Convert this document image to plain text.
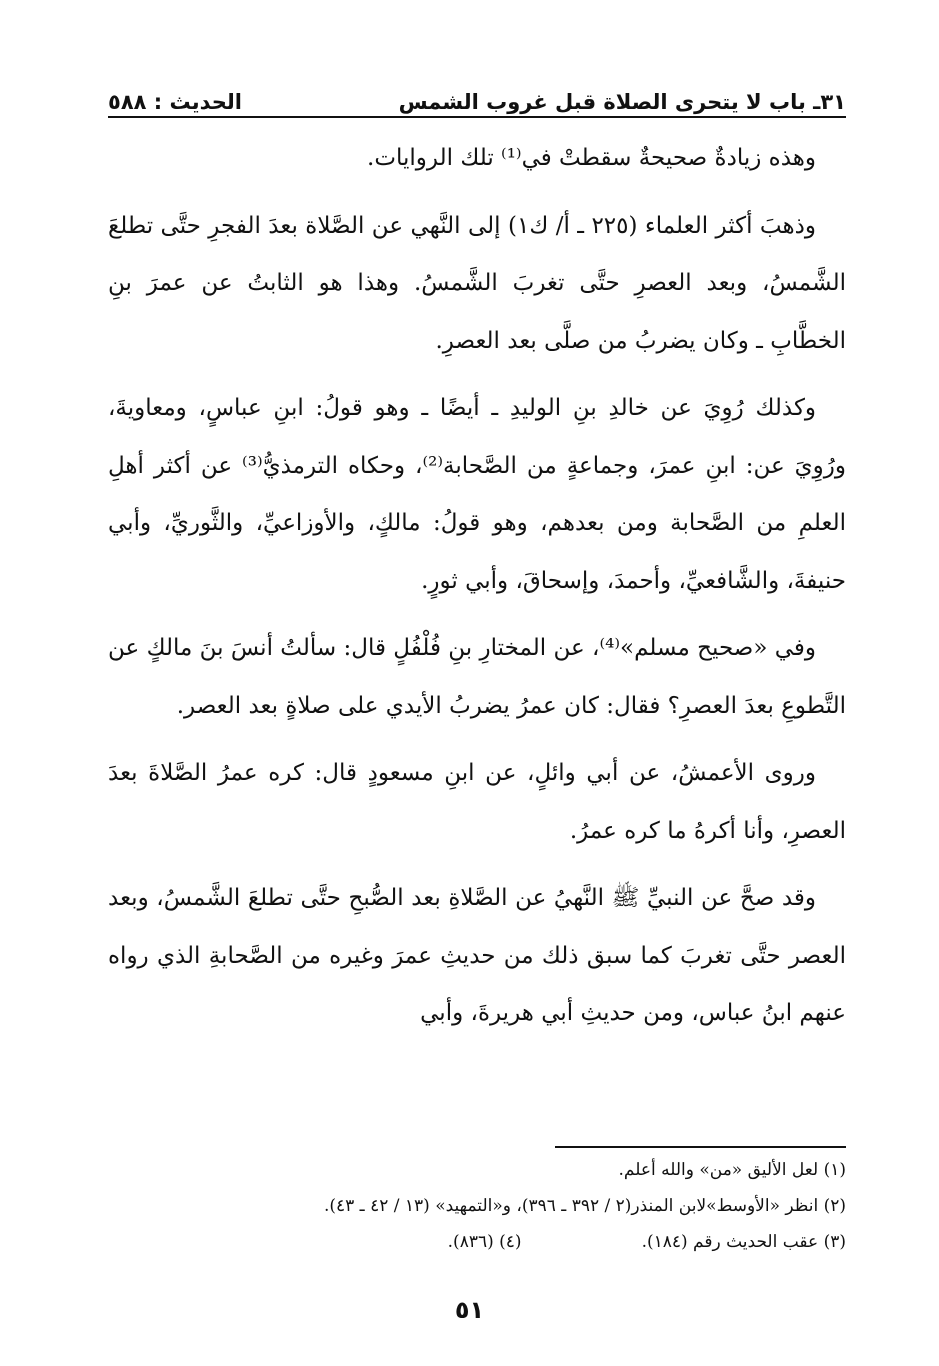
٣١ـ باب لا يتحرى الصلاة قبل غروب الشمس
الحديث : ٥٨٨

وهذه زيادةٌ صحيحةٌ سقطتْ في⁽¹⁾ تلك الروايات.

وذهبَ أكثر العلماء (٢٢٥ ـ أ/ ك١) إلى النَّهي عن الصَّلاة بعدَ الفجرِ حتَّى تطلعَ الشَّمسُ، وبعد العصرِ حتَّى تغربَ الشَّمسُ. وهذا هو الثابتُ عن عمرَ بنِ الخطَّابِ ـ وكان يضربُ من صلَّى بعد العصرِ.

وكذلك رُوِيَ عن خالدِ بنِ الوليدِ ـ أيضًا ـ وهو قولُ: ابنِ عباسٍ، ومعاويةَ، ورُوِيَ عن: ابنِ عمرَ، وجماعةٍ من الصَّحابة⁽²⁾، وحكاه الترمذيُّ⁽³⁾ عن أكثر أهلِ العلمِ من الصَّحابة ومن بعدهم، وهو قولُ: مالكٍ، والأوزاعيِّ، والثَّوريِّ، وأبي حنيفةَ، والشَّافعيِّ، وأحمدَ، وإسحاقَ، وأبي ثورٍ.

وفي «صحيح مسلم»⁽⁴⁾، عن المختارِ بنِ فُلْفُلٍ قال: سألتُ أنسَ بنَ مالكٍ عن التَّطوعِ بعدَ العصرِ؟ فقال: كان عمرُ يضربُ الأيدي على صلاةٍ بعد العصر.

وروى الأعمشُ، عن أبي وائلٍ، عن ابنِ مسعودٍ قال: كره عمرُ الصَّلاةَ بعدَ العصرِ، وأنا أكرهُ ما كره عمرُ.

وقد صحَّ عن النبيِّ ﷺ النَّهيُ عن الصَّلاةِ بعد الصُّبحِ حتَّى تطلعَ الشَّمسُ، وبعد العصر حتَّى تغربَ كما سبق ذلك من حديثِ عمرَ وغيره من الصَّحابةِ الذي رواه عنهم ابنُ عباس، ومن حديثِ أبي هريرةَ، وأبي

(١) لعل الأليق «من» والله أعلم.
(٢) انظر «الأوسط»لابن المنذر(٢ / ٣٩٢ ـ ٣٩٦)، و«التمهيد» (١٣ / ٤٢ ـ ٤٣).
(٣) عقب الحديث رقم (١٨٤).
(٤) (٨٣٦).
٥١
